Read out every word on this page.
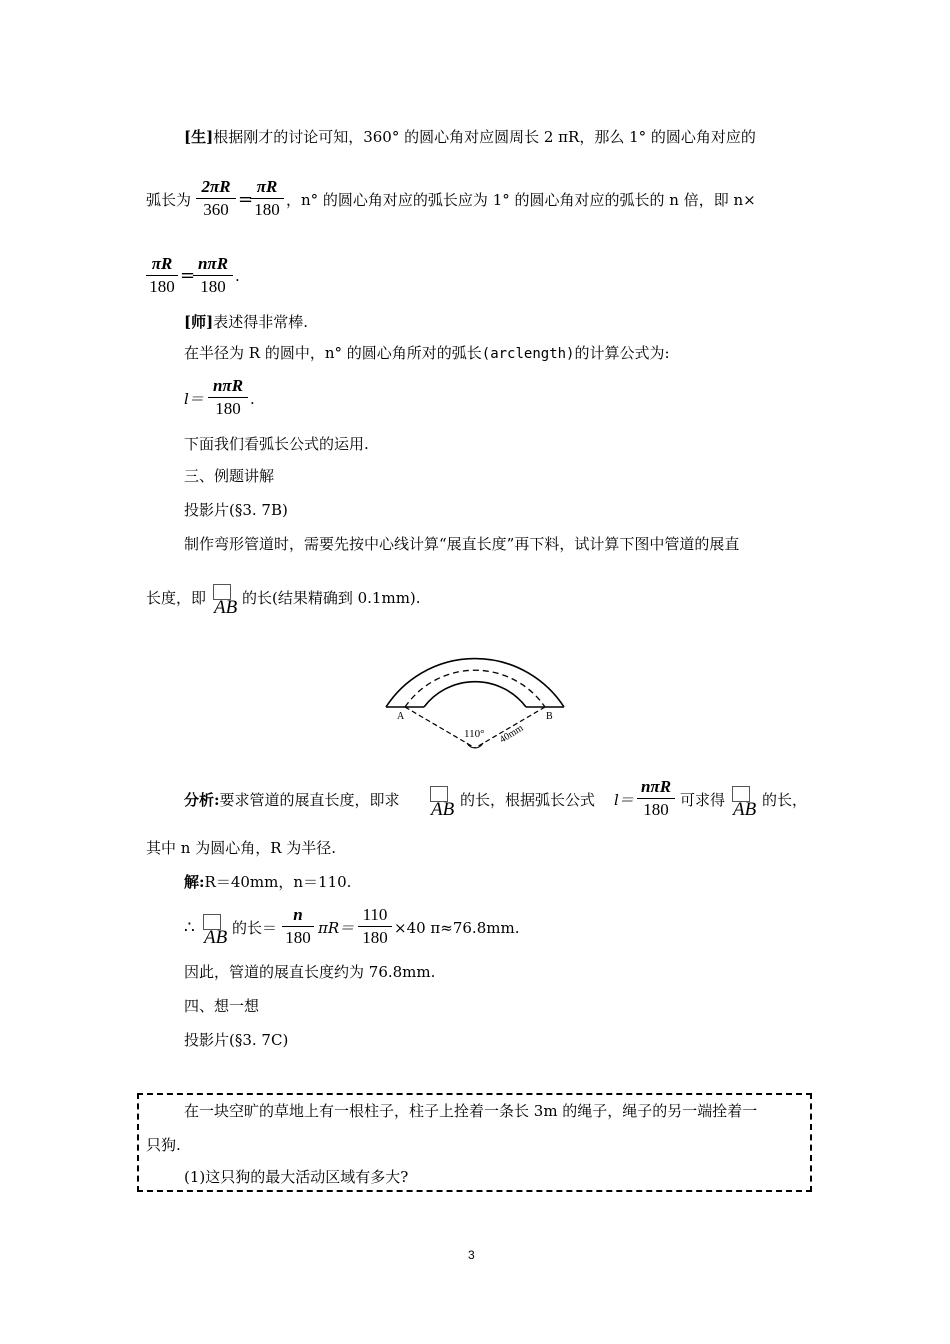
[生]根据刚才的讨论可知，360° 的圆心角对应圆周长 2 πR，那么 1° 的圆心角对应的
弧长为
2πR
360 =
πR
180 ，n° 的圆心角对应的弧长应为 1° 的圆心角对应的弧长的 n 倍，即 n×
πR
180
=
nπR
180
.
[师]表述得非常棒.
在半径为 R 的圆中，n° 的圆心角所对的弧长(arclength)的计算公式为:
l＝
nπR
180 .
下面我们看弧长公式的运用.
三、例题讲解
投影片(§3. 7B)
制作弯形管道时，需要先按中心线计算“展直长度”再下料，试计算下图中管道的展直
长度，即 AB 的长(结果精确到 0.1mm).
A	B
110° 40mm
分析:要求管道的展直长度，即求 AB 的长，根据弧长公式 l＝
nπR
180 可求得 AB 的长，
其中 n 为圆心角，R 为半径.
解:R＝40mm，n＝110.
∴ AB 的长＝
n
180 πR＝
110
180 ×40 π≈76.8mm.
因此，管道的展直长度约为 76.8mm.
四、想一想
投影片(§3. 7C)
在一块空旷的草地上有一根柱子，柱子上拴着一条长 3m 的绳子，绳子的另一端拴着一
只狗.
(1)这只狗的最大活动区域有多大?
3
